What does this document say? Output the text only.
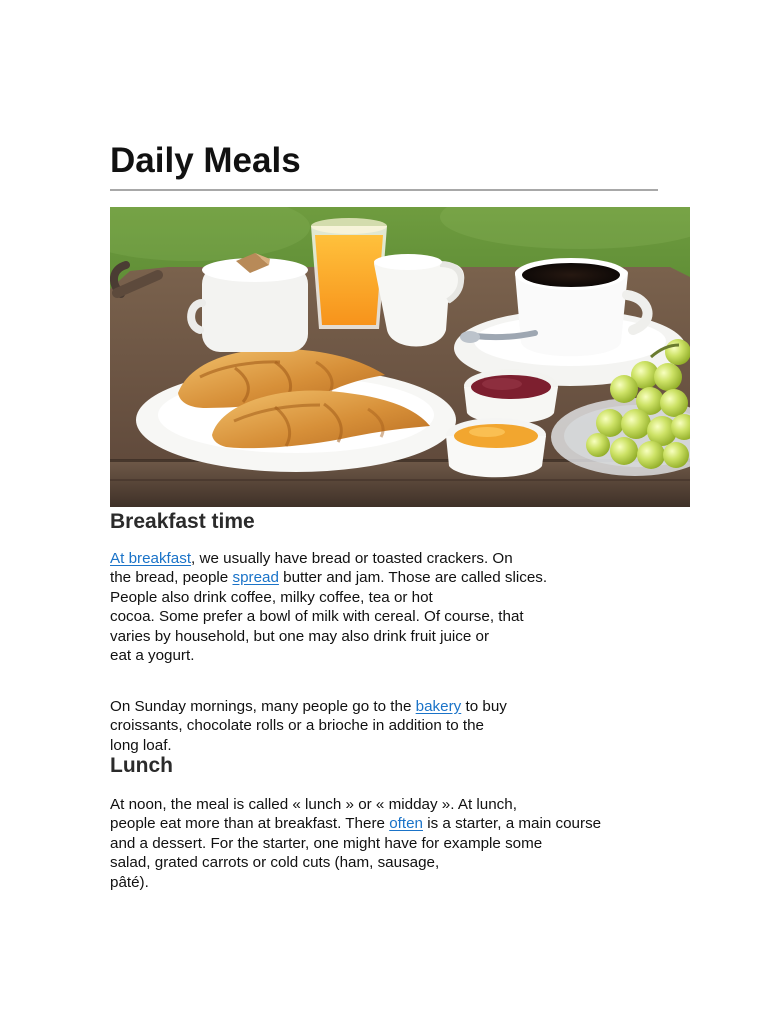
Daily Meals
Breakfast time

At breakfast, we usually have bread or toasted crackers. On
the bread, people spread butter and jam. Those are called slices.
People also drink coffee, milky coffee, tea or hot
cocoa. Some prefer a bowl of milk with cereal. Of course, that
varies by household, but one may also drink fruit juice or
eat a yogurt.

On Sunday mornings, many people go to the bakery to buy
croissants, chocolate rolls or a brioche in addition to the
long loaf.

Lunch

At noon, the meal is called « lunch » or « midday ». At lunch,
people eat more than at breakfast. There often is a starter, a main course
and a dessert. For the starter, one might have for example some
salad, grated carrots or cold cuts (ham, sausage,
pâté).
